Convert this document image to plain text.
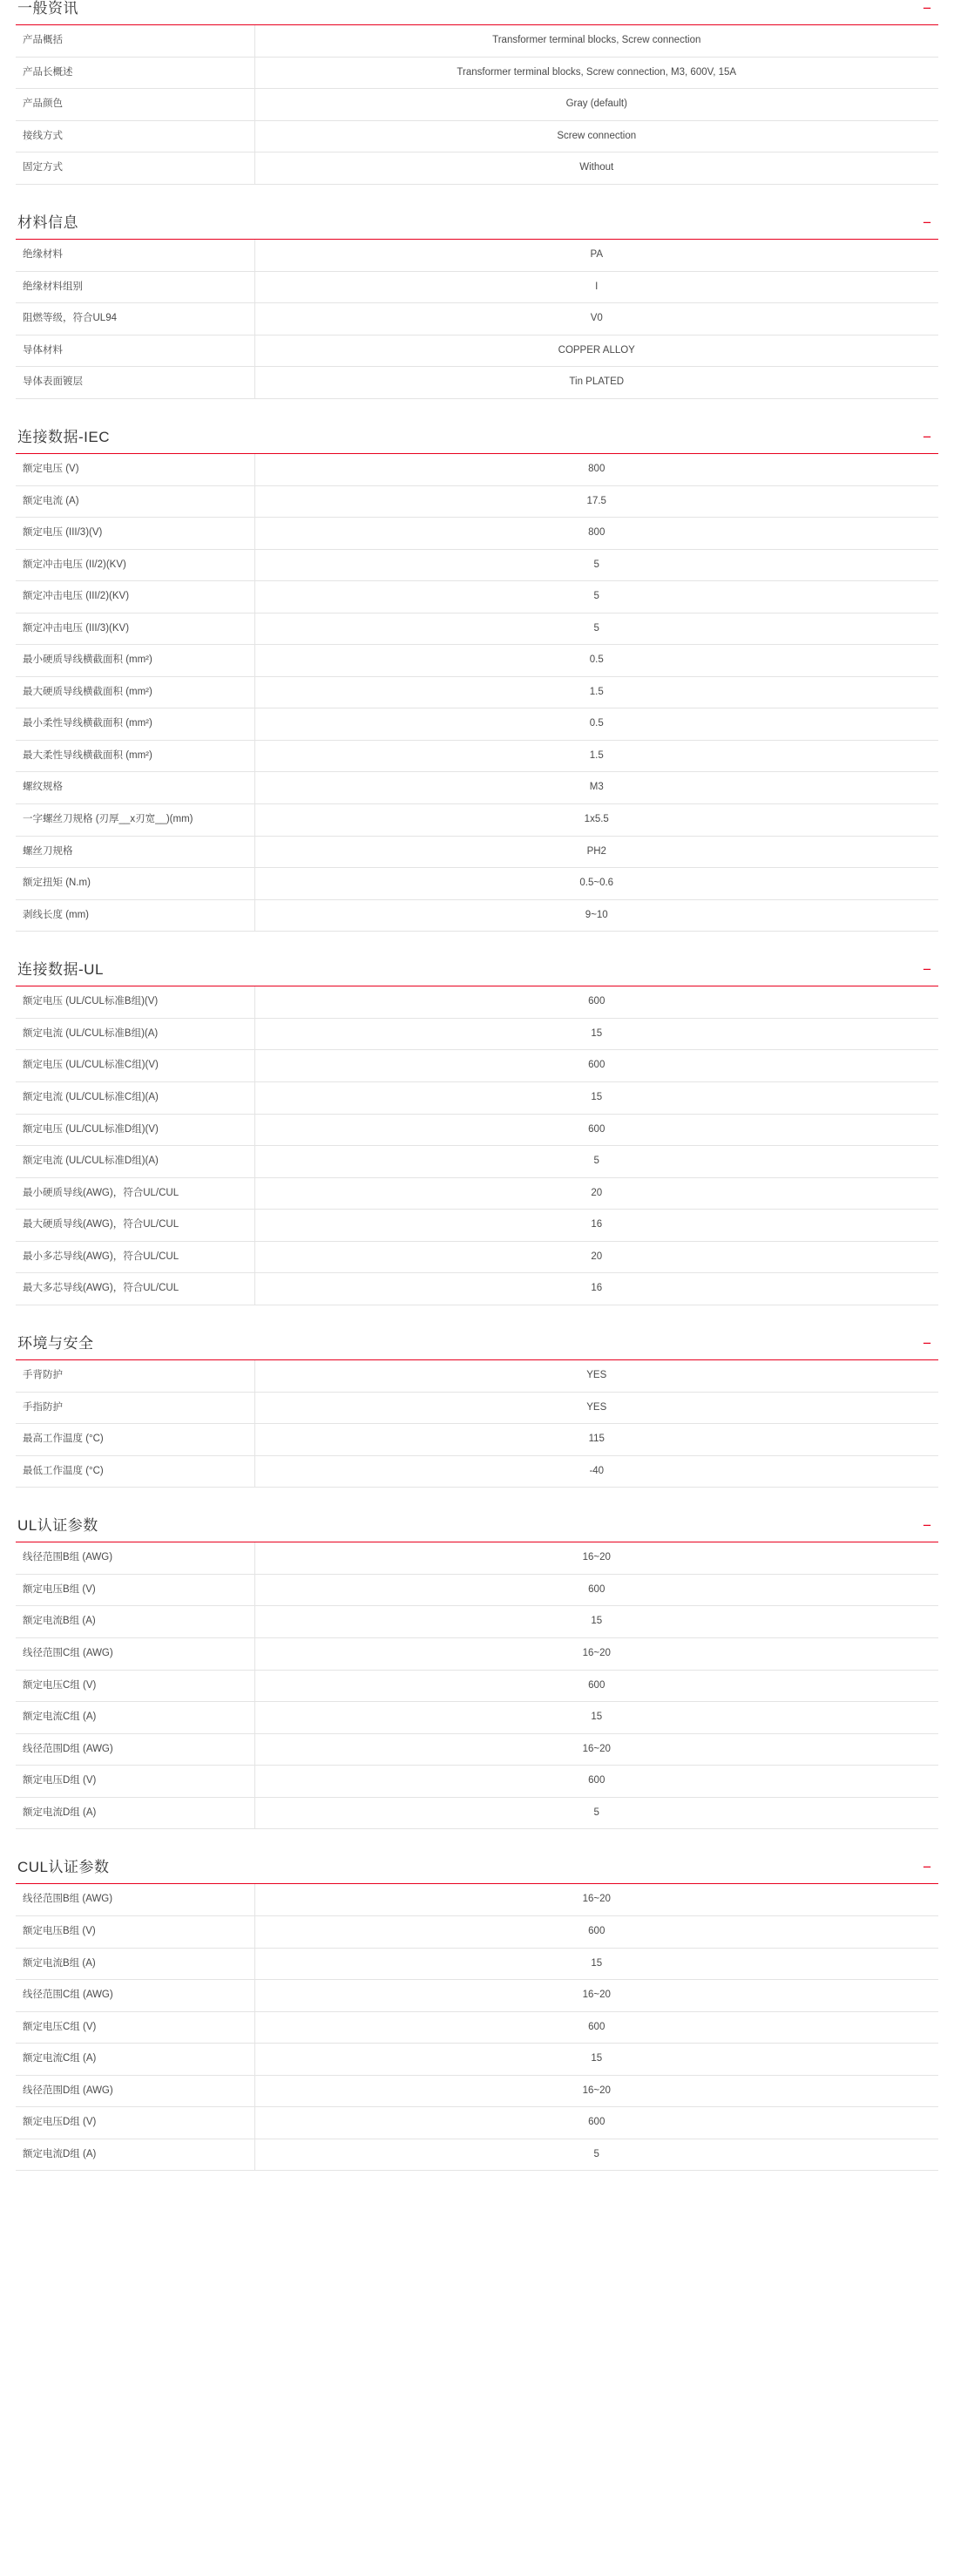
一般资讯	−
产品概括	Transformer terminal blocks, Screw connection
产品长概述	Transformer terminal blocks, Screw connection, M3, 600V, 15A
产品颜色	Gray (default)
接线方式	Screw connection
固定方式	Without
材料信息	−
绝缘材料	PA
绝缘材料组别	I
阻燃等级，符合UL94	V0
导体材料	COPPER ALLOY
导体表面镀层	Tin PLATED
连接数据-IEC	−
额定电压 (V)	800
额定电流 (A)	17.5
额定电压 (III/3)(V)	800
额定冲击电压 (II/2)(KV)	5
额定冲击电压 (III/2)(KV)	5
额定冲击电压 (III/3)(KV)	5
最小硬质导线横截面积 (mm²)	0.5
最大硬质导线横截面积 (mm²)	1.5
最小柔性导线横截面积 (mm²)	0.5
最大柔性导线横截面积 (mm²)	1.5
螺纹规格	M3
一字螺丝刀规格 (刃厚__x刃宽__)(mm)	1x5.5
螺丝刀规格	PH2
额定扭矩 (N.m)	0.5~0.6
剥线长度 (mm)	9~10
连接数据-UL	−
额定电压 (UL/CUL标准B组)(V)	600
额定电流 (UL/CUL标准B组)(A)	15
额定电压 (UL/CUL标准C组)(V)	600
额定电流 (UL/CUL标准C组)(A)	15
额定电压 (UL/CUL标准D组)(V)	600
额定电流 (UL/CUL标准D组)(A)	5
最小硬质导线(AWG)，符合UL/CUL	20
最大硬质导线(AWG)，符合UL/CUL	16
最小多芯导线(AWG)，符合UL/CUL	20
最大多芯导线(AWG)，符合UL/CUL	16
环境与安全	−
手背防护	YES
手指防护	YES
最高工作温度 (°C)	115
最低工作温度 (°C)	-40
UL认证参数	−
线径范围B组 (AWG)	16~20
额定电压B组 (V)	600
额定电流B组 (A)	15
线径范围C组 (AWG)	16~20
额定电压C组 (V)	600
额定电流C组 (A)	15
线径范围D组 (AWG)	16~20
额定电压D组 (V)	600
额定电流D组 (A)	5
CUL认证参数	−
线径范围B组 (AWG)	16~20
额定电压B组 (V)	600
额定电流B组 (A)	15
线径范围C组 (AWG)	16~20
额定电压C组 (V)	600
额定电流C组 (A)	15
线径范围D组 (AWG)	16~20
额定电压D组 (V)	600
额定电流D组 (A)	5
